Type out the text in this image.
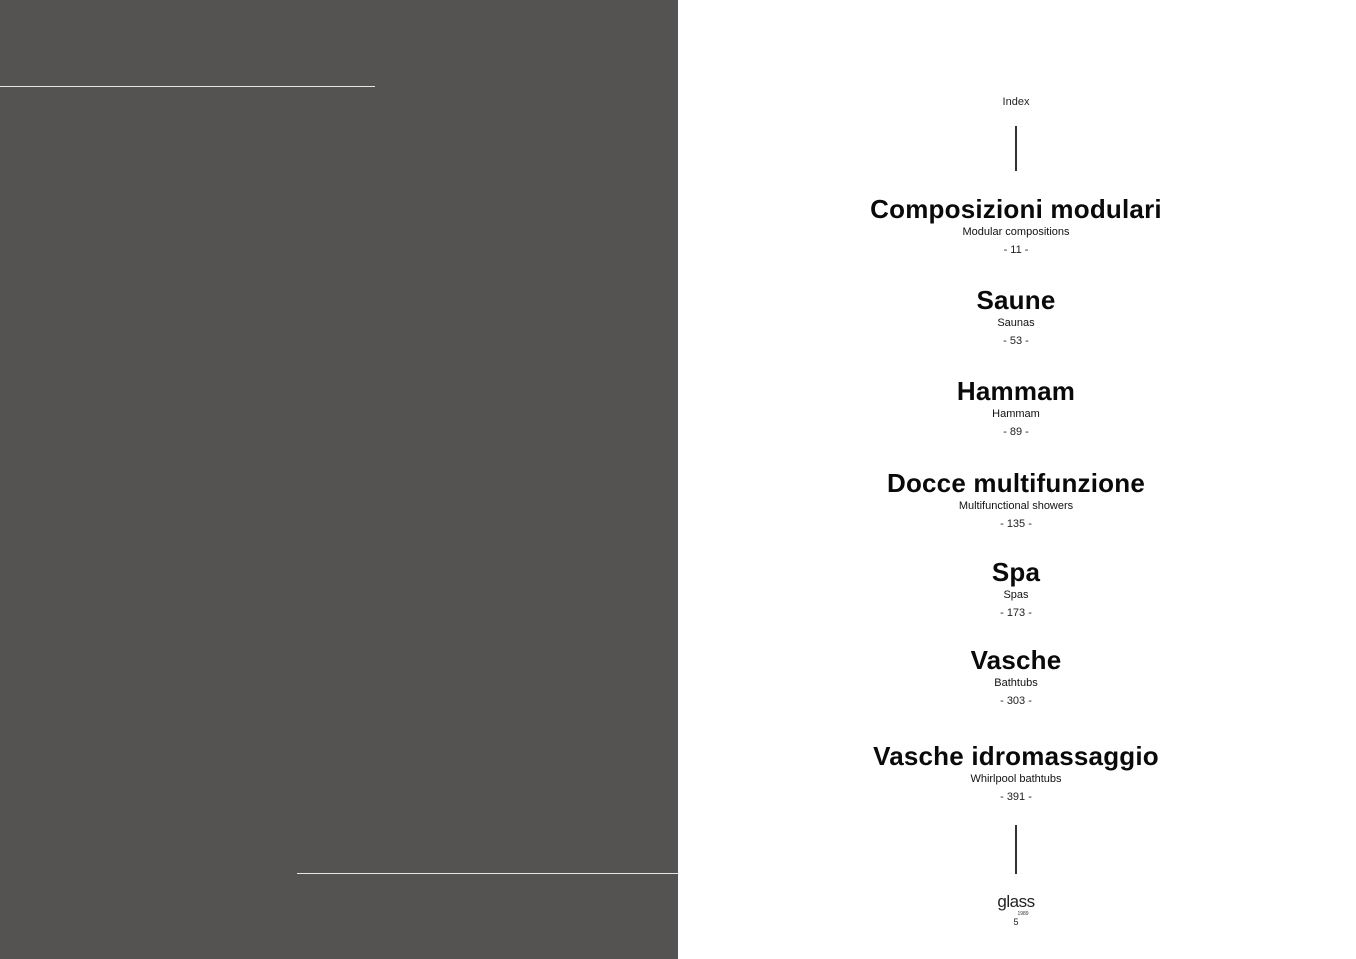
Index
Composizioni modulari
Modular compositions
- 11 -
Saune
Saunas
- 53 -
Hammam
Hammam
- 89 -
Docce multifunzione
Multifunctional showers
- 135 -
Spa
Spas
- 173 -
Vasche
Bathtubs
- 303 -
Vasche idromassaggio
Whirlpool bathtubs
- 391 -
glass
1989
5
